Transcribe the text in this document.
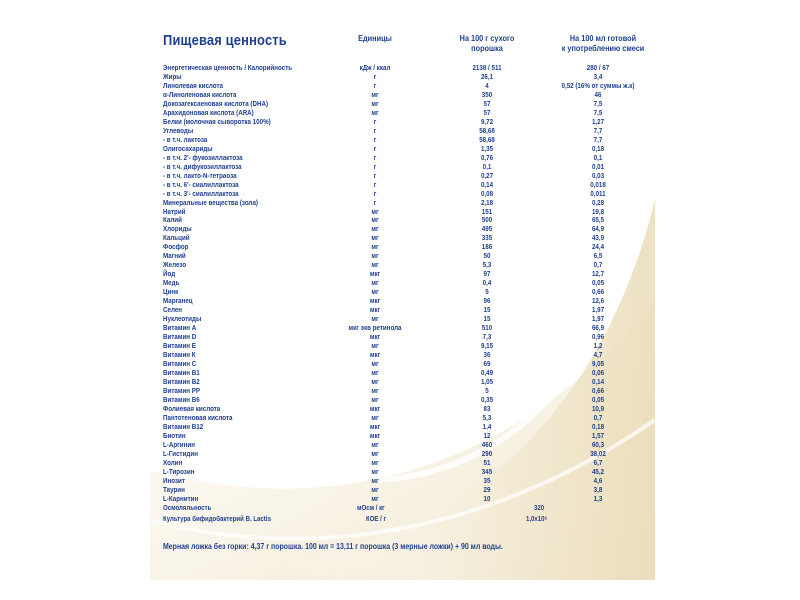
Пищевая ценность	Единицы	На 100 г сухого
порошка
На 100 мл готовой
к употреблению смеси
Энергетическая ценность / Калорийность	кДж / ккал	2138 / 511	280 / 67
Жиры	г	26,1	3,4
Линолевая кислота	г	4	0,52 (16% от суммы ж.к)
α-Линоленовая кислота	мг	350	46
Докозагексаеновая кислота (DHA)	мг	57	7,5
Арахидоновая кислота (ARA)	мг	57	7,5
Белки (молочная сыворотка 100%)	г	9,72	1,27
Углеводы	г	58,68	7,7
- в т.ч. лактоза	г	58,68	7,7
Олигосахариды	г	1,35	0,18
- в т.ч. 2'- фукозиллактоза	г	0,76	0,1
- в т.ч. дифукозиллактоза	г	0,1	0,01
- в т.ч. лакто-N-тетраоза	г	0,27	0,03
- в т.ч. 6'- сиалиллактоза	г	0,14	0,018
- в т.ч. 3'- сиалиллактоза	г	0,08	0,011
Минеральные вещества (зола)	г	2,18	0,28
Натрий	мг	151	19,8
Калий	мг	500	65,5
Хлориды	мг	495	64,9
Кальций	мг	335	43,9
Фосфор	мг	186	24,4
Магний	мг	50	6,5
Железо	мг	5,3	0,7
Йод	мкг	97	12,7
Медь	мг	0,4	0,05
Цинк	мг	5	0,66
Марганец	мкг	96	12,6
Селен	мкг	15	1,97
Нуклеотиды	мг	15	1,97
Витамин А	мкг экв ретинола	510	66,9
Витамин D	мкг	7,3	0,96
Витамин Е	мг	9,15	1,2
Витамин К	мкг	36	4,7
Витамин С	мг	69	9,05
Витамин В1	мг	0,49	0,06
Витамин В2	мг	1,05	0,14
Витамин PP	мг	5	0,66
Витамин В6	мг	0,35	0,05
Фолиевая кислота	мкг	83	10,9
Пантотеновая кислота	мг	5,3	0,7
Витамин В12	мкг	1,4	0,18
Биотин	мкг	12	1,57
L-Аргинин	мг	460	60,3
L-Гистидин	мг	290	38,02
Холин	мг	51	6,7
L-Тирозин	мг	345	45,2
Инозит	мг	35	4,6
Таурин	мг	29	3,8
L-Карнитин	мг	10	1,3
Осмоляльность	мОсм / кг	320
Культура бифидобактерий B. Lactis	КОЕ / г	1,0х10⁶
Мерная ложка без горки: 4,37 г порошка. 100 мл = 13,11 г порошка (3 мерные ложки) + 90 мл воды.
